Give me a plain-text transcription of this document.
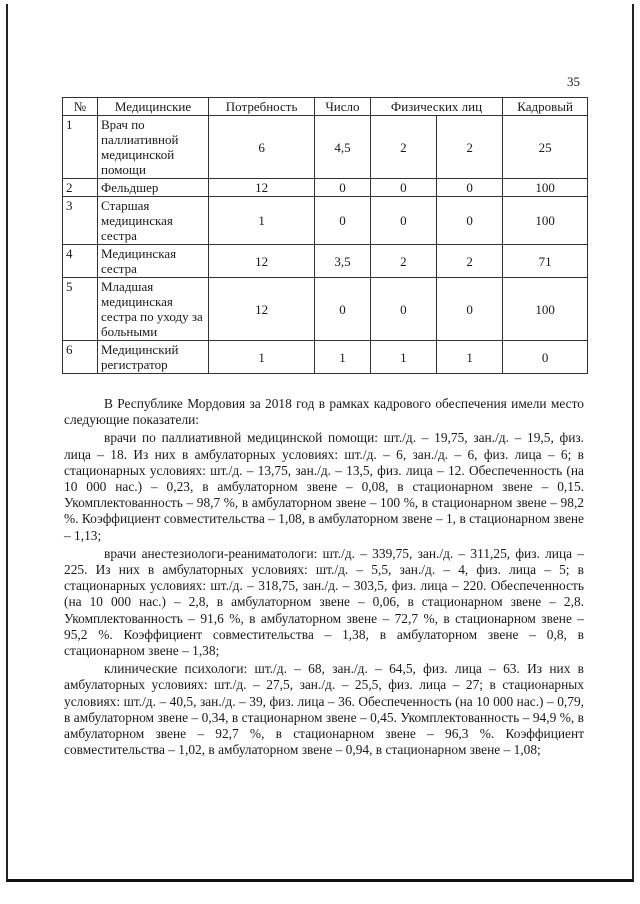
35
№	Медицинские	Потребность	Число	Физических лиц		Кадровый
1	Врач по паллиативной медицинской помощи	6	4,5	2	2	25
2	Фельдшер	12	0	0	0	100
3	Старшая медицинская сестра	1	0	0	0	100
4	Медицинская сестра	12	3,5	2	2	71
5	Младшая медицинская сестра по уходу за больными	12	0	0	0	100
6	Медицинский регистратор	1	1	1	1	0

В Республике Мордовия за 2018 год в рамках кадрового обеспечения имели место следующие показатели:

врачи по паллиативной медицинской помощи: шт./д. – 19,75, зан./д. – 19,5, физ. лица – 18. Из них в амбулаторных условиях: шт./д. – 6, зан./д. – 6, физ. лица – 6; в стационарных условиях: шт./д. – 13,75, зан./д. – 13,5, физ. лица – 12. Обеспеченность (на 10 000 нас.) – 0,23, в амбулаторном звене – 0,08, в стационарном звене – 0,15. Укомплектованность – 98,7 %, в амбулаторном звене – 100 %, в стационарном звене – 98,2 %. Коэффициент совместительства – 1,08, в амбулаторном звене – 1, в стационарном звене – 1,13;

врачи анестезиологи-реаниматологи: шт./д. – 339,75, зан./д. – 311,25, физ. лица – 225. Из них в амбулаторных условиях: шт./д. – 5,5, зан./д. – 4, физ. лица – 5; в стационарных условиях: шт./д. – 318,75, зан./д. – 303,5, физ. лица – 220. Обеспеченность (на 10 000 нас.) – 2,8, в амбулаторном звене – 0,06, в стационарном звене – 2,8. Укомплектованность – 91,6 %, в амбулаторном звене – 72,7 %, в стационарном звене – 95,2 %. Коэффициент совместительства – 1,38, в амбулаторном звене – 0,8, в стационарном звене – 1,38;

клинические психологи: шт./д. – 68, зан./д. – 64,5, физ. лица – 63. Из них в амбулаторных условиях: шт./д. – 27,5, зан./д. – 25,5, физ. лица – 27; в стационарных условиях: шт./д. – 40,5, зан./д. – 39, физ. лица – 36. Обеспеченность (на 10 000 нас.) – 0,79, в амбулаторном звене – 0,34, в стационарном звене – 0,45. Укомплектованность – 94,9 %, в амбулаторном звене – 92,7 %, в стационарном звене – 96,3 %. Коэффициент совместительства – 1,02, в амбулаторном звене – 0,94, в стационарном звене – 1,08;
